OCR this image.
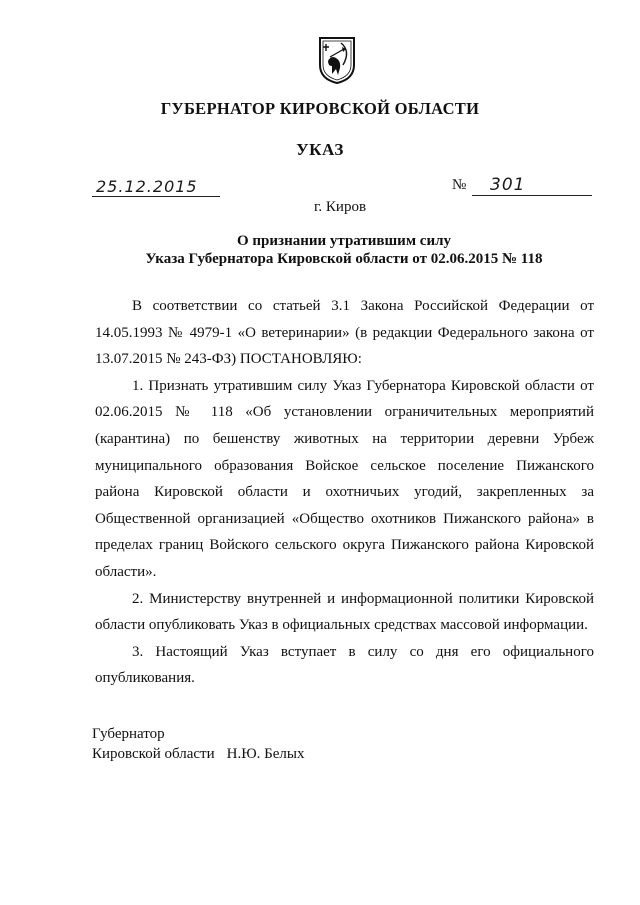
ГУБЕРНАТОР КИРОВСКОЙ ОБЛАСТИ
УКАЗ
25.12.2015	№ 301
г. Киров
О признании утратившим силу
Указа Губернатора Кировской области от 02.06.2015 № 118

В соответствии со статьей 3.1 Закона Российской Федерации от 14.05.1993 № 4979-1 «О ветеринарии» (в редакции Федерального закона от 13.07.2015 № 243-ФЗ) ПОСТАНОВЛЯЮ:

1. Признать утратившим силу Указ Губернатора Кировской области от 02.06.2015 № 118 «Об установлении ограничительных мероприятий (карантина) по бешенству животных на территории деревни Урбеж муниципального образования Войское сельское поселение Пижанского района Кировской области и охотничьих угодий, закрепленных за Общественной организацией «Общество охотников Пижанского района» в пределах границ Войского сельского округа Пижанского района Кировской области».

2. Министерству внутренней и информационной политики Кировской области опубликовать Указ в официальных средствах массовой информации.

3. Настоящий Указ вступает в силу со дня его официального опубликования.

Губернатор
Кировской области Н.Ю. Белых
